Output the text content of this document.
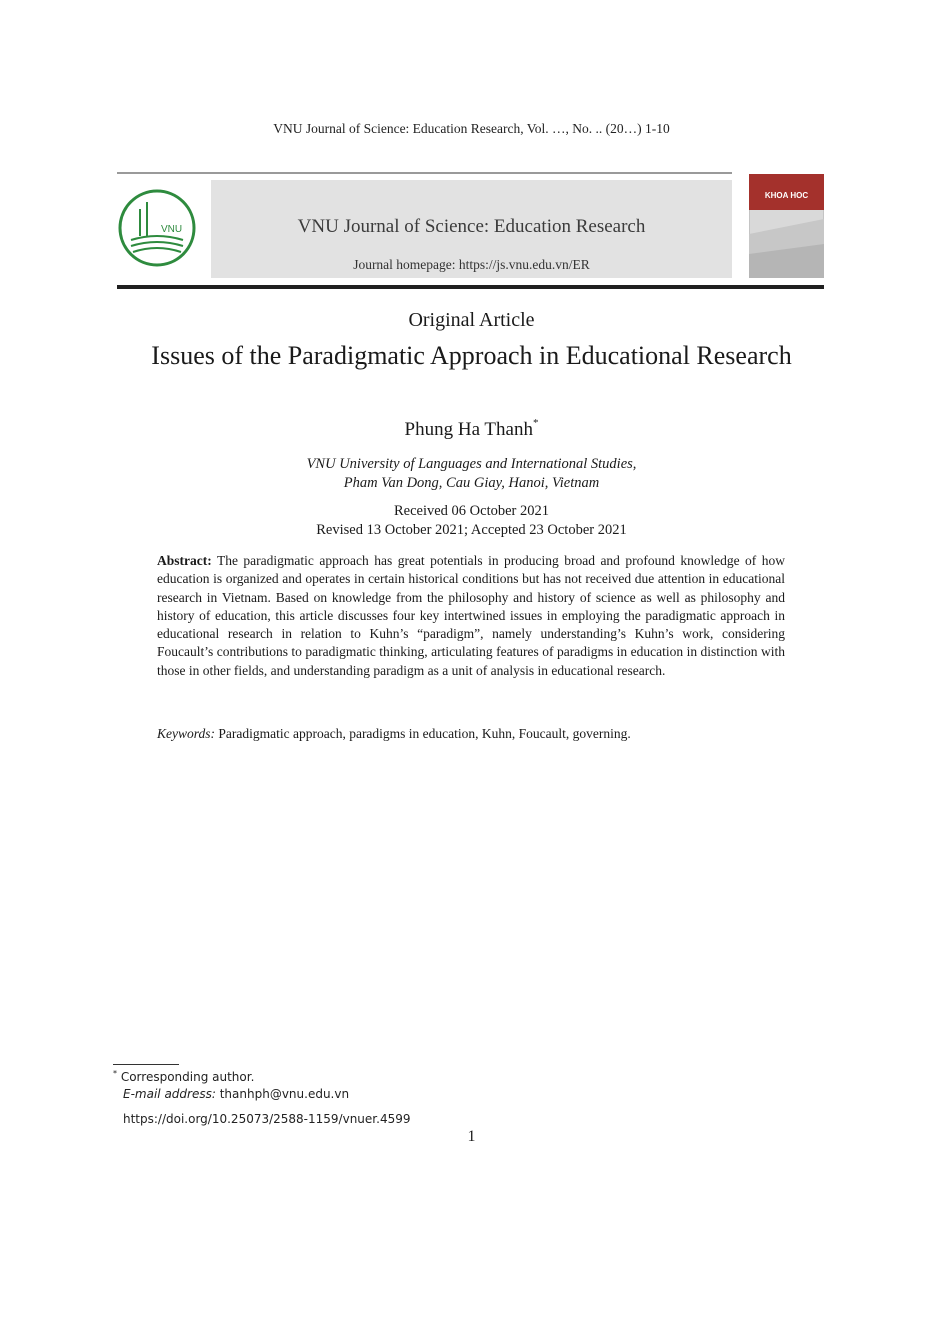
VNU Journal of Science: Education Research, Vol. …, No. .. (20…) 1-10
VNU	VNU Journal of Science: Education Research
Journal homepage: https://js.vnu.edu.vn/ER
KHOA HOC
Original Article
Issues of the Paradigmatic Approach in Educational Research
Phung Ha Thanh*
VNU University of Languages and International Studies,
Pham Van Dong, Cau Giay, Hanoi, Vietnam
Received 06 October 2021
Revised 13 October 2021; Accepted 23 October 2021
Abstract: The paradigmatic approach has great potentials in producing broad and profound knowledge of how education is organized and operates in certain historical conditions but has not received due attention in educational research in Vietnam. Based on knowledge from the philosophy and history of science as well as philosophy and history of education, this article discusses four key intertwined issues in employing the paradigmatic approach in educational research in relation to Kuhn’s “paradigm”, namely understanding’s Kuhn’s work, considering Foucault’s contributions to paradigmatic thinking, articulating features of paradigms in education in distinction with those in other fields, and understanding paradigm as a unit of analysis in educational research.
Keywords: Paradigmatic approach, paradigms in education, Kuhn, Foucault, governing.
* Corresponding author.
E-mail address: thanhph@vnu.edu.vn
https://doi.org/10.25073/2588-1159/vnuer.4599
1
